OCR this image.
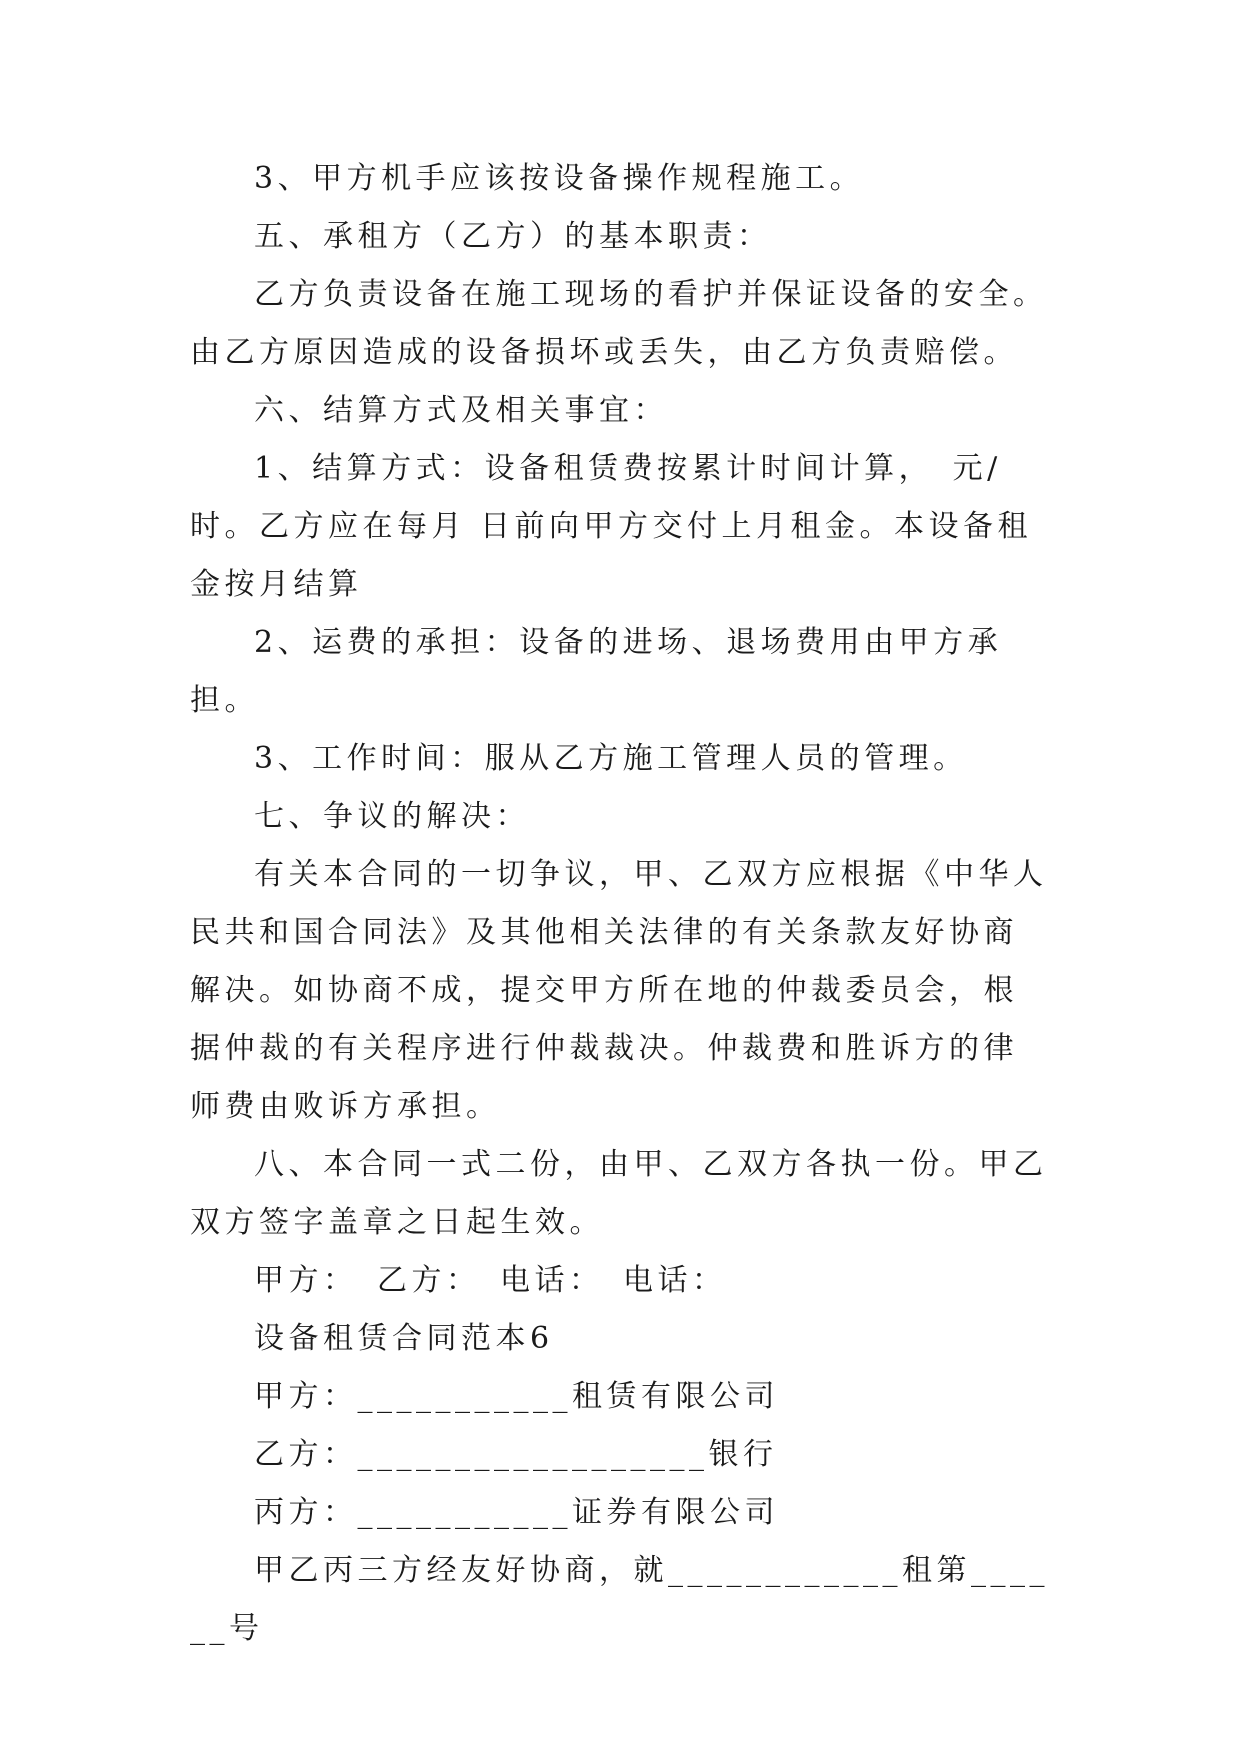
3、甲方机手应该按设备操作规程施工。

五、承租方（乙方）的基本职责：

乙方负责设备在施工现场的看护并保证设备的安全。由乙方原因造成的设备损坏或丢失，由乙方负责赔偿。

六、结算方式及相关事宜：

1、结算方式：设备租赁费按累计时间计算，　元/时。乙方应在每月 日前向甲方交付上月租金。本设备租金按月结算

2、运费的承担：设备的进场、退场费用由甲方承担。

3、工作时间：服从乙方施工管理人员的管理。

七、争议的解决：

有关本合同的一切争议，甲、乙双方应根据《中华人民共和国合同法》及其他相关法律的有关条款友好协商解决。如协商不成，提交甲方所在地的仲裁委员会，根据仲裁的有关程序进行仲裁裁决。仲裁费和胜诉方的律师费由败诉方承担。

八、本合同一式二份，由甲、乙双方各执一份。甲乙双方签字盖章之日起生效。

甲方：　乙方：　电话：　电话：

设备租赁合同范本6

甲方：___________租赁有限公司

乙方：__________________银行

丙方：___________证券有限公司

甲乙丙三方经友好协商，就____________租第______号
